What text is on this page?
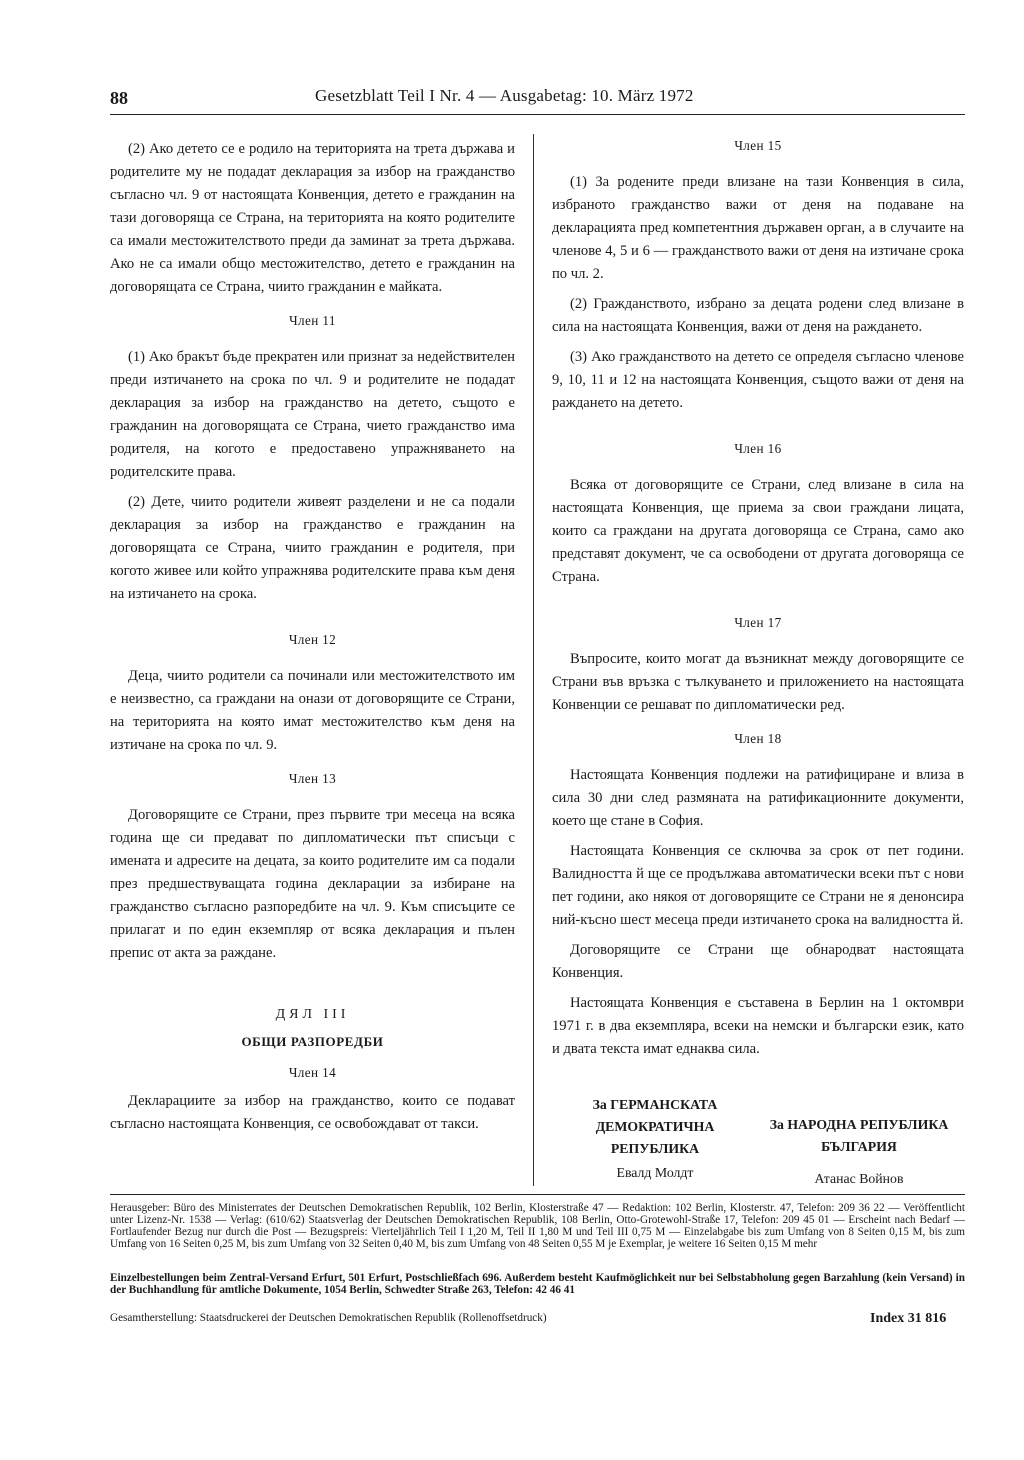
88	Gesetzblatt Teil I Nr. 4 — Ausgabetag: 10. März 1972

(2) Ако детето се е родило на територията на трета държава и родителите му не подадат декларация за избор на гражданство съгласно чл. 9 от настоящата Конвенция, детето е гражданин на тази договоряща се Страна, на територията на която родителите са имали местожителството преди да заминат за трета държава. Ако не са имали общо местожителство, детето е гражданин на договорящата се Страна, чиито гражданин е майката.

Член 11

(1) Ако бракът бъде прекратен или признат за недействителен преди изтичането на срока по чл. 9 и родителите не подадат декларация за избор на гражданство на детето, същото е гражданин на договорящата се Страна, чието гражданство има родителя, на когото е предоставено упражняването на родителските права.

(2) Дете, чиито родители живеят разделени и не са подали декларация за избор на гражданство е гражданин на договорящата се Страна, чиито гражданин е родителя, при когото живее или който упражнява родителските права към деня на изтичането на срока.

Член 12

Деца, чиито родители са починали или местожителството им е неизвестно, са граждани на онази от договорящите се Страни, на територията на която имат местожителство към деня на изтичане на срока по чл. 9.

Член 13

Договорящите се Страни, през първите три месеца на всяка година ще си предават по дипломатически път списъци с имената и адресите на децата, за които родителите им са подали през предшествуващата година декларации за избиране на гражданство съгласно разпоредбите на чл. 9. Към списъците се прилагат и по един екземпляр от всяка декларация и пълен препис от акта за раждане.

ДЯЛ III
ОБЩИ РАЗПОРЕДБИ
Член 14

Декларациите за избор на гражданство, които се подават съгласно настоящата Конвенция, се освобождават от такси.

Член 15

(1) За родените преди влизане на тази Конвенция в сила, избраното гражданство важи от деня на подаване на декларацията пред компетентния държавен орган, а в случаите на членове 4, 5 и 6 — гражданството важи от деня на изтичане срока по чл. 2.

(2) Гражданството, избрано за децата родени след влизане в сила на настоящата Конвенция, важи от деня на раждането.

(3) Ако гражданството на детето се определя съгласно членове 9, 10, 11 и 12 на настоящата Конвенция, същото важи от деня на раждането на детето.

Член 16

Всяка от договорящите се Страни, след влизане в сила на настоящата Конвенция, ще приема за свои граждани лицата, които са граждани на другата договоряща се Страна, само ако представят документ, че са освободени от другата договоряща се Страна.

Член 17

Въпросите, които могат да възникнат между договорящите се Страни във връзка с тълкуването и приложението на настоящата Конвенции се решават по дипломатически ред.

Член 18

Настоящата Конвенция подлежи на ратифициране и влиза в сила 30 дни след размяната на ратификационните документи, което ще стане в София.

Настоящата Конвенция се сключва за срок от пет години. Валидността й ще се продължава автоматически всеки път с нови пет години, ако някоя от договорящите се Страни не я денонсира ний-късно шест месеца преди изтичането срока на валидността й.

Договорящите се Страни ще обнародват настоящата Конвенция.

Настоящата Конвенция е съставена в Берлин на 1 октомври 1971 г. в два екземпляра, всеки на немски и български език, като и двата текста имат еднаква сила.

За ГЕРМАНСКАТА
ДЕМОКРАТИЧНА
РЕПУБЛИКА
Евалд Молдт
За НАРОДНА РЕПУБЛИКА
БЪЛГАРИЯ
Атанас Войнов
Herausgeber: Büro des Ministerrates der Deutschen Demokratischen Republik, 102 Berlin, Klosterstraße 47 — Redaktion: 102 Berlin, Klosterstr. 47, Telefon: 209 36 22 — Veröffentlicht unter Lizenz-Nr. 1538 — Verlag: (610/62) Staatsverlag der Deutschen Demokratischen Republik, 108 Berlin, Otto-Grotewohl-Straße 17, Telefon: 209 45 01 — Erscheint nach Bedarf — Fortlaufender Bezug nur durch die Post — Bezugspreis: Vierteljährlich Teil I 1,20 M, Teil II 1,80 M und Teil III 0,75 M — Einzelabgabe bis zum Umfang von 8 Seiten 0,15 M, bis zum Umfang von 16 Seiten 0,25 M, bis zum Umfang von 32 Seiten 0,40 M, bis zum Umfang von 48 Seiten 0,55 M je Exemplar, je weitere 16 Seiten 0,15 M mehr
Einzelbestellungen beim Zentral-Versand Erfurt, 501 Erfurt, Postschließfach 696. Außerdem besteht Kaufmöglichkeit nur bei Selbstabholung gegen Barzahlung (kein Versand) in der Buchhandlung für amtliche Dokumente, 1054 Berlin, Schwedter Straße 263, Telefon: 42 46 41
Gesamtherstellung: Staatsdruckerei der Deutschen Demokratischen Republik (Rollenoffsetdruck)	Index 31 816
